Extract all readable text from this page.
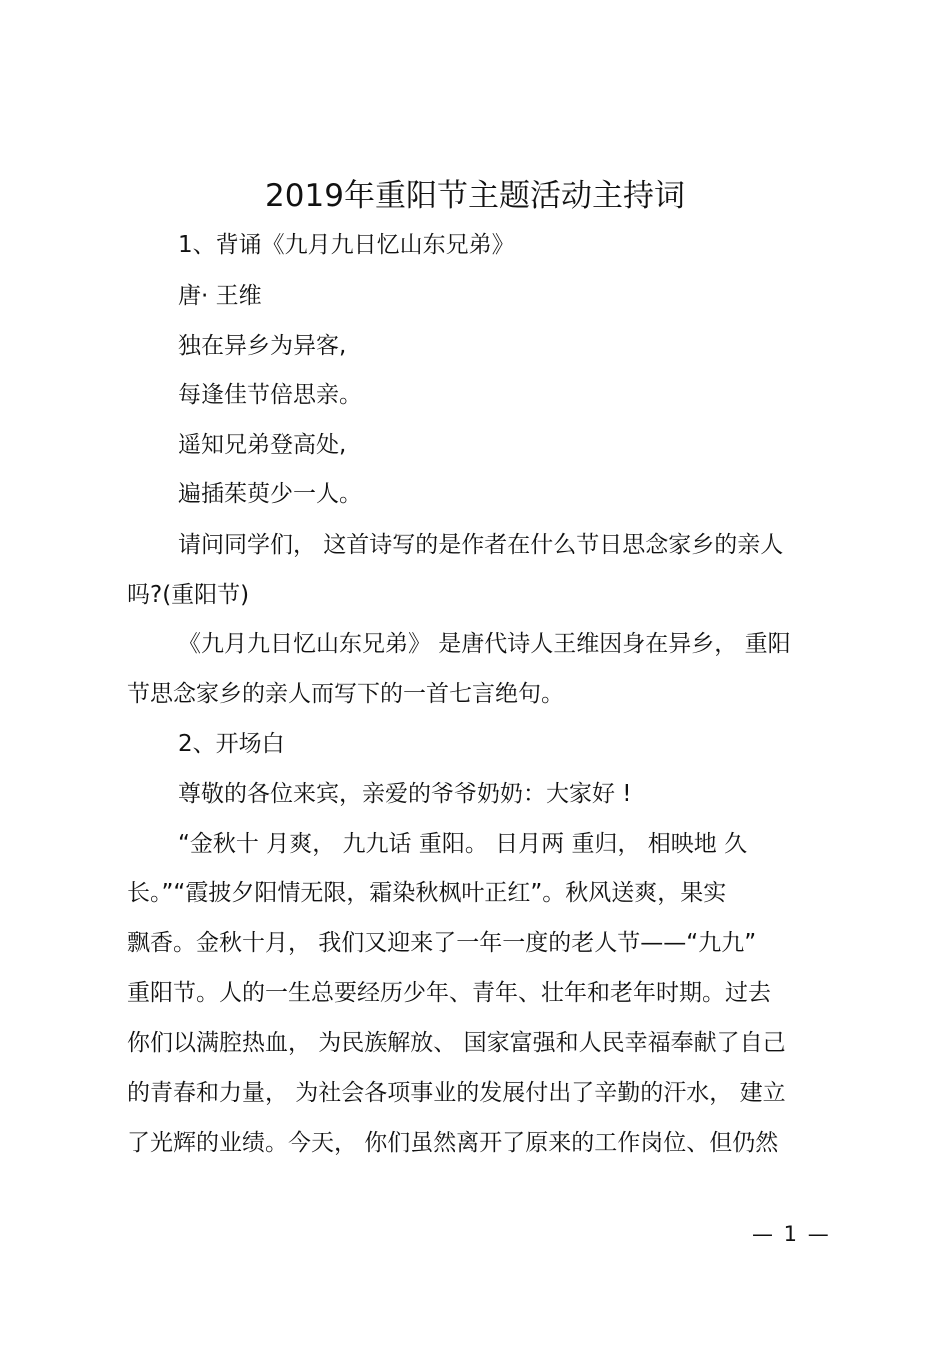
2019年重阳节主题活动主持词

1、背诵《九月九日忆山东兄弟》

唐· 王维

独在异乡为异客,

每逢佳节倍思亲。

遥知兄弟登高处,

遍插茱萸少一人。

请问同学们， 这首诗写的是作者在什么节日思念家乡的亲人

吗?(重阳节)

《九月九日忆山东兄弟》 是唐代诗人王维因身在异乡， 重阳

节思念家乡的亲人而写下的一首七言绝句。

2、开场白

尊敬的各位来宾，亲爱的爷爷奶奶：大家好 !

“金秋十 月爽， 九九话 重阳。 日月两 重归， 相映地 久

长。”“霞披夕阳情无限，霜染秋枫叶正红”。秋风送爽，果实

飘香。金秋十月， 我们又迎来了一年一度的老人节——“九九”

重阳节。人的一生总要经历少年、青年、壮年和老年时期。过去

你们以满腔热血， 为民族解放、 国家富强和人民幸福奉献了自己

的青春和力量， 为社会各项事业的发展付出了辛勤的汗水， 建立

了光辉的业绩。今天， 你们虽然离开了原来的工作岗位、但仍然

— 1 —
